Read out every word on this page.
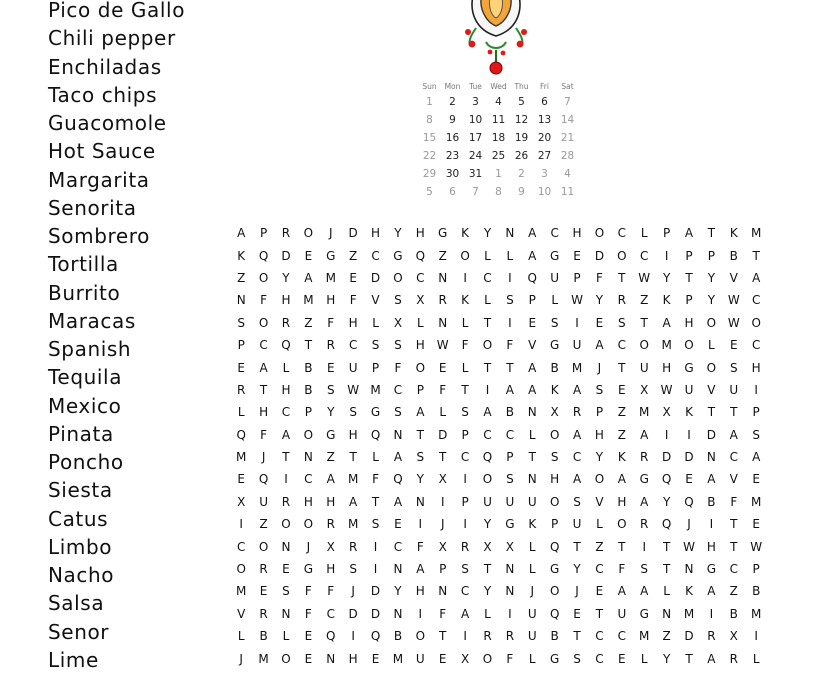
Pico de Gallo
Chili pepper
Enchiladas
Taco chips
Guacomole
Hot Sauce
Margarita
Senorita
Sombrero
Tortilla
Burrito
Maracas
Spanish
Tequila
Mexico
Pinata
Poncho
Siesta
Catus
Limbo
Nacho
Salsa
Senor
Lime
Sun	Mon	Tue	Wed	Thu	Fri	Sat
1	2	3	4	5	6	7
8	9	10	11	12	13	14
15	16	17	18	19	20	21
22	23	24	25	26	27	28
29	30	31	1	2	3	4
5	6	7	8	9	10	11
A	P	R	O	J	D	H	Y	H	G	K	Y	N	A	C	H	O	C	L	P	A	T	K	M
K	Q	D	E	G	Z	C	G	Q	Z	O	L	L	A	G	E	D	O	C	I	P	P	B	T
Z	O	Y	A	M	E	D	O	C	N	I	C	I	Q	U	P	F	T	W	Y	T	Y	V	A
N	F	H	M	H	F	V	S	X	R	K	L	S	P	L	W	Y	R	Z	K	P	Y	W	C
S	O	R	Z	F	H	L	X	L	N	L	T	I	E	S	I	E	S	T	A	H	O	W	O
P	C	Q	T	R	C	S	S	H	W	F	O	F	V	G	U	A	C	O	M	O	L	E	C
E	A	L	B	E	U	P	F	O	E	L	T	T	A	B	M	J	T	U	H	G	O	S	H
R	T	H	B	S	W	M	C	P	F	T	I	A	A	K	A	S	E	X	W	U	V	U	I
L	H	C	P	Y	S	G	S	A	L	S	A	B	N	X	R	P	Z	M	X	K	T	T	P
Q	F	A	O	G	H	Q	N	T	D	P	C	C	L	O	A	H	Z	A	I	I	D	A	S
M	J	T	N	Z	T	L	A	S	T	C	Q	P	T	S	C	Y	K	R	D	D	N	C	A
E	Q	I	C	A	M	F	Q	Y	X	I	O	S	N	H	A	O	A	G	Q	E	A	V	E
X	U	R	H	H	A	T	A	N	I	P	U	U	U	O	S	V	H	A	Y	Q	B	F	M
I	Z	O	O	R	M	S	E	I	J	I	Y	G	K	P	U	L	O	R	Q	J	I	T	E
C	O	N	J	X	R	I	C	F	X	R	X	X	L	Q	T	Z	T	I	T	W	H	T	W
O	R	E	G	H	S	I	N	A	P	S	T	N	L	G	Y	C	F	S	T	N	G	C	P
M	E	S	F	F	J	D	Y	H	N	C	Y	N	J	O	J	E	A	A	L	K	A	Z	B
V	R	N	F	C	D	D	N	I	F	A	L	I	U	Q	E	T	U	G	N	M	I	B	M
L	B	L	E	Q	I	Q	B	O	T	I	R	R	U	B	T	C	C	M	Z	D	R	X	I
J	M	O	E	N	H	E	M	U	E	X	O	F	L	G	S	C	E	L	Y	T	A	R	L
